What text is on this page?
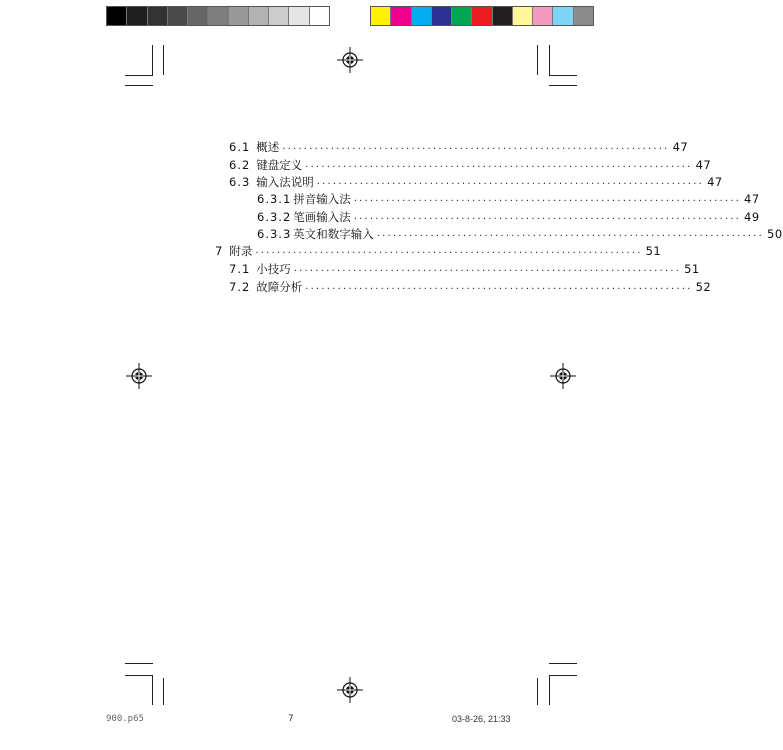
6.1 概述 ........................................................................ 47
6.2 键盘定义 ........................................................................ 47
6.3 输入法说明 ........................................................................ 47
6.3.1 拼音输入法 ........................................................................ 47
6.3.2 笔画输入法 ........................................................................ 49
6.3.3 英文和数字输入 ........................................................................ 50
7 附录 ........................................................................ 51
7.1 小技巧 ........................................................................ 51
7.2 故障分析 ........................................................................ 52
900.p65	7	03-8-26, 21:33
